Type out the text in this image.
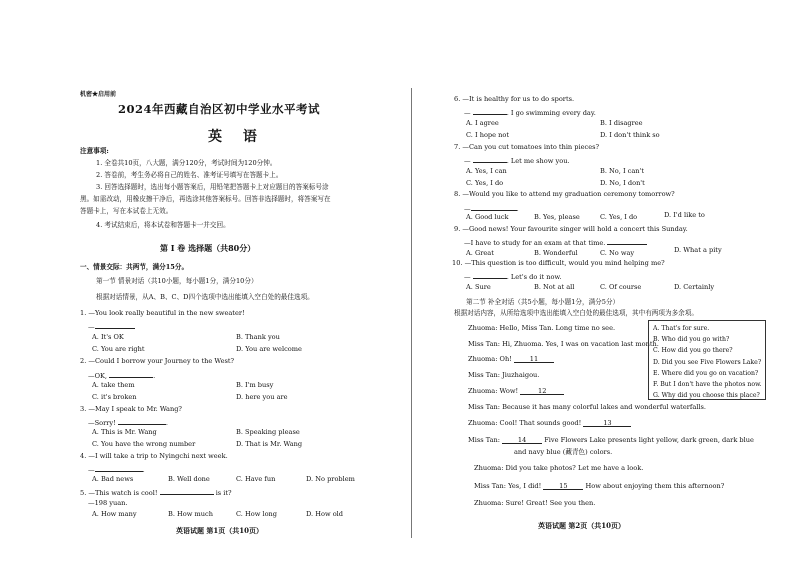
机密★启用前
2024年西藏自治区初中学业水平考试
英 语
注意事项:
1. 全卷共10页，八大题，满分120分，考试时间为120分钟。
2. 答卷前，考生务必将自己的姓名、准考证号填写在答题卡上。
3. 回答选择题时，选出每小题答案后，用铅笔把答题卡上对应题目的答案标号涂
黑。如需改动，用橡皮擦干净后，再选涂其他答案标号。回答非选择题时，将答案写在
答题卡上，写在本试卷上无效。
4. 考试结束后，将本试卷和答题卡一并交回。
第 I 卷 选择题（共80分）
一、情景交际：共两节，满分15分。
第一节 情景对话（共10小题，每小题1分，满分10分）
根据对话情景，从A、B、C、D四个选项中选出能填入空白处的最佳选项。
1. —You look really beautiful in the new sweater!
—
A. It's OK	B. Thank you
C. You are right	D. You are welcome
2. —Could I borrow your Journey to the West?
—OK,	.
A. take them	B. I'm busy
C. it's broken	D. here you are
3. —May I speak to Mr. Wang?
—Sorry!	.
A. This is Mr. Wang	B. Speaking please
C. You have the wrong number	D. That is Mr. Wang
4. —I will take a trip to Nyingchi next week.
—	.
A. Bad news	B. Well done	C. Have fun	D. No problem
5. —This watch is cool!	is it?
—198 yuan.
A. How many	B. How much	C. How long	D. How old
英语试题 第1页（共10页）
6. —It is healthy for us to do sports.
—	. I go swimming every day.
A. I agree	B. I disagree
C. I hope not	D. I don't think so
7. —Can you cut tomatoes into thin pieces?
—	. Let me show you.
A. Yes, I can	B. No, I can't
C. Yes, I do	D. No, I don't
8. —Would you like to attend my graduation ceremony tomorrow?
—	.
A. Good luck	B. Yes, please	C. Yes, I do	D. I'd like to
9. —Good news! Your favourite singer will hold a concert this Sunday.
—I have to study for an exam at that time.
A. Great	B. Wonderful	C. No way	D. What a pity
10. —This question is too difficult, would you mind helping me?
—	. Let's do it now.
A. Sure	B. Not at all	C. Of course	D. Certainly
第二节 补全对话（共5小题，每小题1分，满分5分）
根据对话内容，从所给选项中选出能填入空白处的最佳选项，其中有两项为多余项。
Zhuoma: Hello, Miss Tan. Long time no see.
Miss Tan: Hi, Zhuoma. Yes, I was on vacation last month.
Zhuoma: Oh!	11
Miss Tan: Jiuzhaigou.
Zhuoma: Wow!	12
Miss Tan: Because it has many colorful lakes and wonderful waterfalls.
Zhuoma: Cool! That sounds good!	13
Miss Tan:	14	Five Flowers Lake presents light yellow, dark green, dark blue
and navy blue (藏青色) colors.
Zhuoma: Did you take photos? Let me have a look.
Miss Tan: Yes, I did!	15	How about enjoying them this afternoon?
Zhuoma: Sure! Great! See you then.
英语试题 第2页（共10页）
A. That's for sure.
B. Who did you go with?
C. How did you go there?
D. Did you see Five Flowers Lake?
E. Where did you go on vacation?
F. But I don't have the photos now.
G. Why did you choose this place?
